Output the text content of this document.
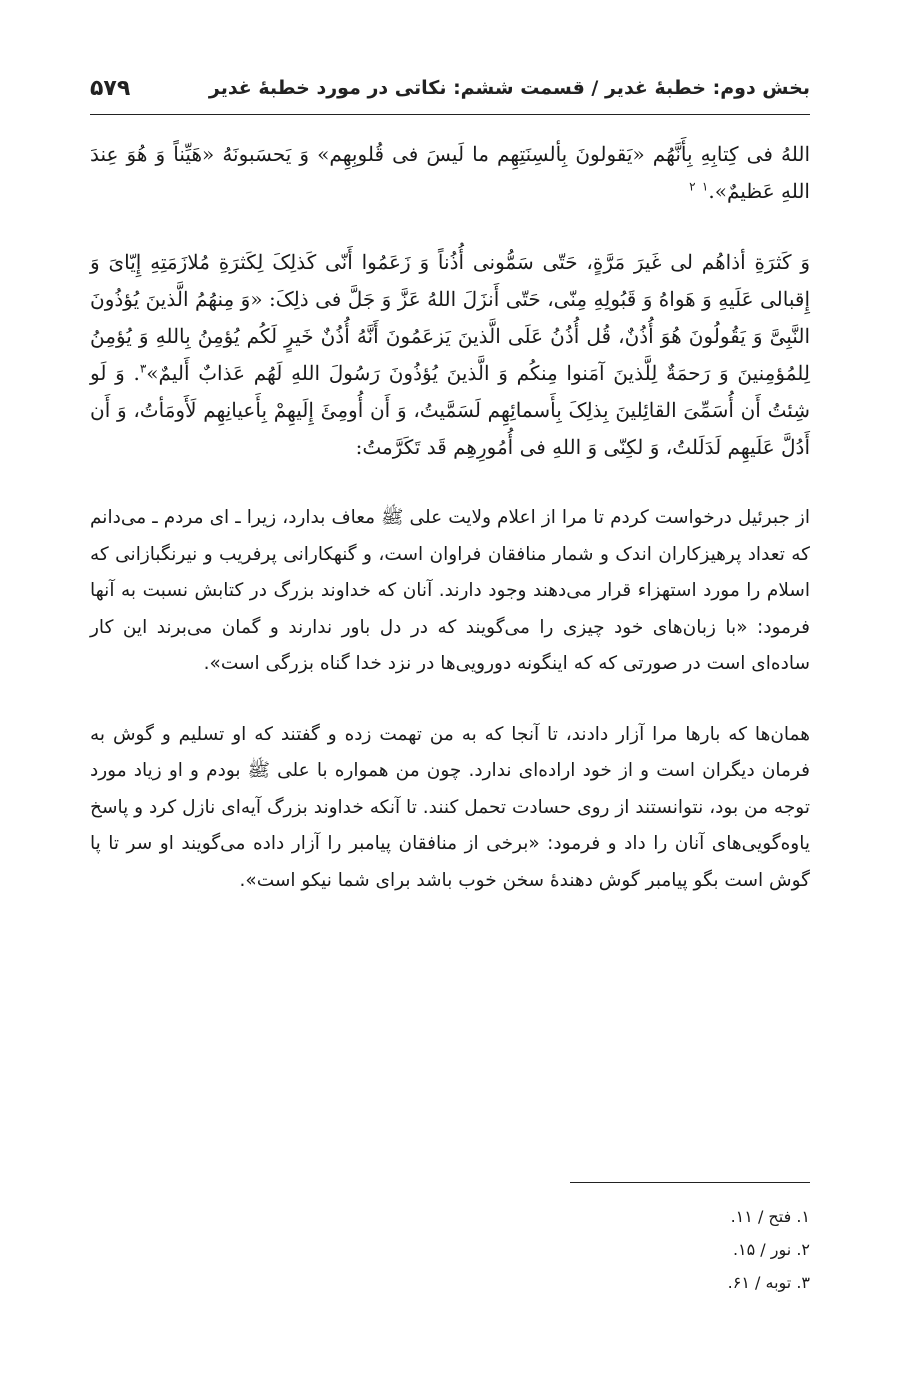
بخش دوم: خطبهٔ غدیر / قسمت ششم: نکاتی در مورد خطبهٔ غدیر
۵۷۹

اللهُ فی کِتابِهِ بِأَنَّهُم «یَقولونَ بِألسِنَتِهِم ما لَیسَ فی قُلوبِهِم» وَ یَحسَبونَهُ «هَیِّناً وَ هُوَ عِندَ اللهِ عَظیمٌ».$^۱$ $^۲$

وَ کَثرَةِ أذاهُم لی غَیرَ مَرَّةٍ، حَتّی سَمُّونی أُذُناً وَ زَعَمُوا أَنّی کَذلِکَ لِکَثرَةِ مُلازَمَتِهِ إِیّایَ وَ إِقبالی عَلَیهِ وَ هَواهُ وَ قَبُولِهِ مِنّی، حَتّی أَنزَلَ اللهُ عَزَّ وَ جَلَّ فی ذلِکَ: «وَ مِنهُمُ الَّذینَ یُؤذُونَ النَّبِیَّ وَ یَقُولُونَ هُوَ أُذُنٌ، قُل أُذُنُ عَلَی الَّذینَ یَزعَمُونَ أَنَّهُ أُذُنٌ خَیرٍ لَکُم یُؤمِنُ بِاللهِ وَ یُؤمِنُ لِلمُؤمِنینَ وَ رَحمَةٌ لِلَّذینَ آمَنوا مِنکُم وَ الَّذینَ یُؤذُونَ رَسُولَ اللهِ لَهُم عَذابٌ أَلیمٌ»$^۳$. وَ لَو شِئتُ أَن أُسَمِّیَ القائِلینَ بِذلِکَ بِأَسمائِهِم لَسَمَّیتُ، وَ أَن أُومِئَ إِلَیهِمْ بِأَعیانِهِم لَأَومَأتُ، وَ أَن أَدُلَّ عَلَیهِم لَدَلَلتُ، وَ لکِنّی وَ اللهِ فی أُمُورِهِم قَد تَکَرَّمتُ:

از جبرئیل درخواست کردم تا مرا از اعلام ولایت علی ﷺ معاف بدارد، زیرا ـ ای مردم ـ می‌دانم که تعداد پرهیزکاران اندک و شمار منافقان فراوان است، و گنهکارانی پرفریب و نیرنگبازانی که اسلام را مورد استهزاء قرار می‌دهند وجود دارند. آنان که خداوند بزرگ در کتابش نسبت به آنها فرمود: «با زبان‌های خود چیزی را می‌گویند که در دل باور ندارند و گمان می‌برند این کار ساده‌ای است در صورتی که که اینگونه دورویی‌ها در نزد خدا گناه بزرگی است».

همان‌ها که بارها مرا آزار دادند، تا آنجا که به من تهمت زده و گفتند که او تسلیم و گوش به فرمان دیگران است و از خود اراده‌ای ندارد. چون من همواره با علی ﷺ بودم و او زیاد مورد توجه من بود، نتوانستند از روی حسادت تحمل کنند. تا آنکه خداوند بزرگ آیه‌ای نازل کرد و پاسخ یاوه‌گویی‌های آنان را داد و فرمود: «برخی از منافقان پیامبر را آزار داده می‌گویند او سر تا پا گوش است بگو پیامبر گوش دهندهٔ سخن خوب باشد برای شما نیکو است».

۱. فتح / ۱۱.

۲. نور / ۱۵.

۳. توبه / ۶۱.
